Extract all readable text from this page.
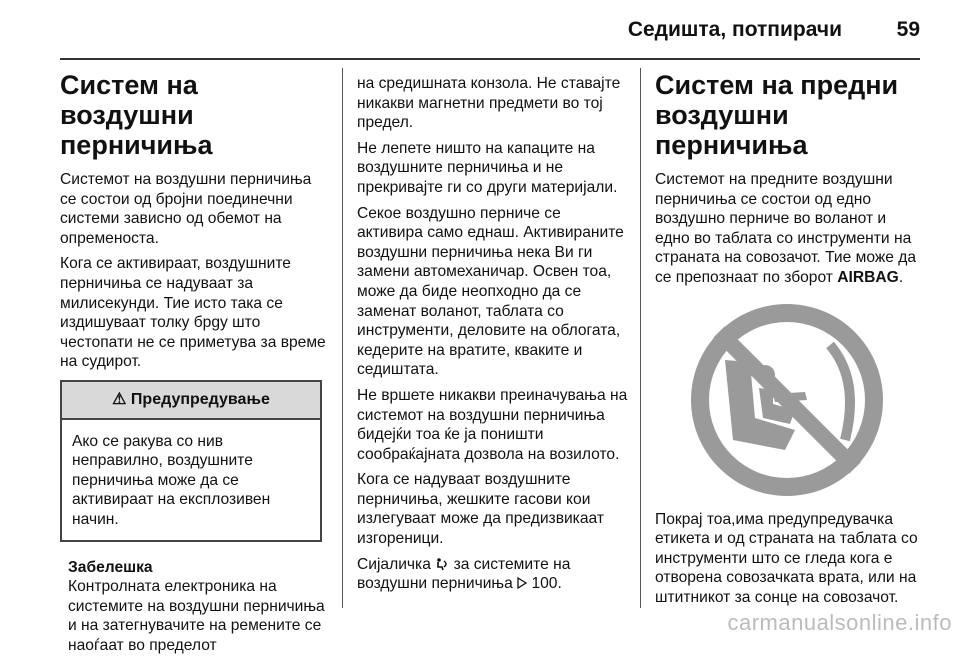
Седишта, потпирачи	59
Систем на воздушни перничиња

Системот на воздушни перничиња се состои од бројни поединечни системи зависно од обемот на опременоста.

Кога се активираат, воздушните перничиња се надуваат за милисекунди. Тие исто така се издишуваат толку брgу што честопати не се приметува за време на судирот.

⚠ Предупредување
Ако се ракува со нив неправилно, воздушните перничиња може да се активираат на експлозивен начин.

Забелешка

Контролната електроника на системите на воздушни перничиња и на затегнувачите на ремените се наоѓаат во пределот

на средишната конзола. Не ставајте никакви магнетни предмети во тој предел.

Не лепете ништо на капаците на воздушните перничиња и не прекривајте ги со други материјали.

Секое воздушно перниче се активира само еднаш. Активираните воздушни перничиња нека Ви ги замени автомеханичар. Освен тоа, може да биде неопходно да се заменат воланот, таблата со инструменти, деловите на облогата, кедерите на вратите, кваките и седиштата.

Не вршете никакви преиначувања на системот на воздушни перничиња бидејќи тоа ќе ја поништи сообраќајната дозвола на возилото.

Кога се надуваат воздушните перничиња, жешките гасови кои излегуваат може да предизвикаат изгореници.

Сијаличка за системите на воздушни перничиња 100.

Систем на предни воздушни перничиња

Системот на предните воздушни перничиња се состои од едно воздушно перниче во воланот и едно во таблата со инструменти на страната на совозачот. Тие може да се препознаат по зборот AIRBAG.

Покрај тоа,има предупредувачка етикета и од страната на таблата со инструменти што се гледа кога е отворена совозачката врата, или на штитникот за сонце на совозачот.

carmanualsonline.info
